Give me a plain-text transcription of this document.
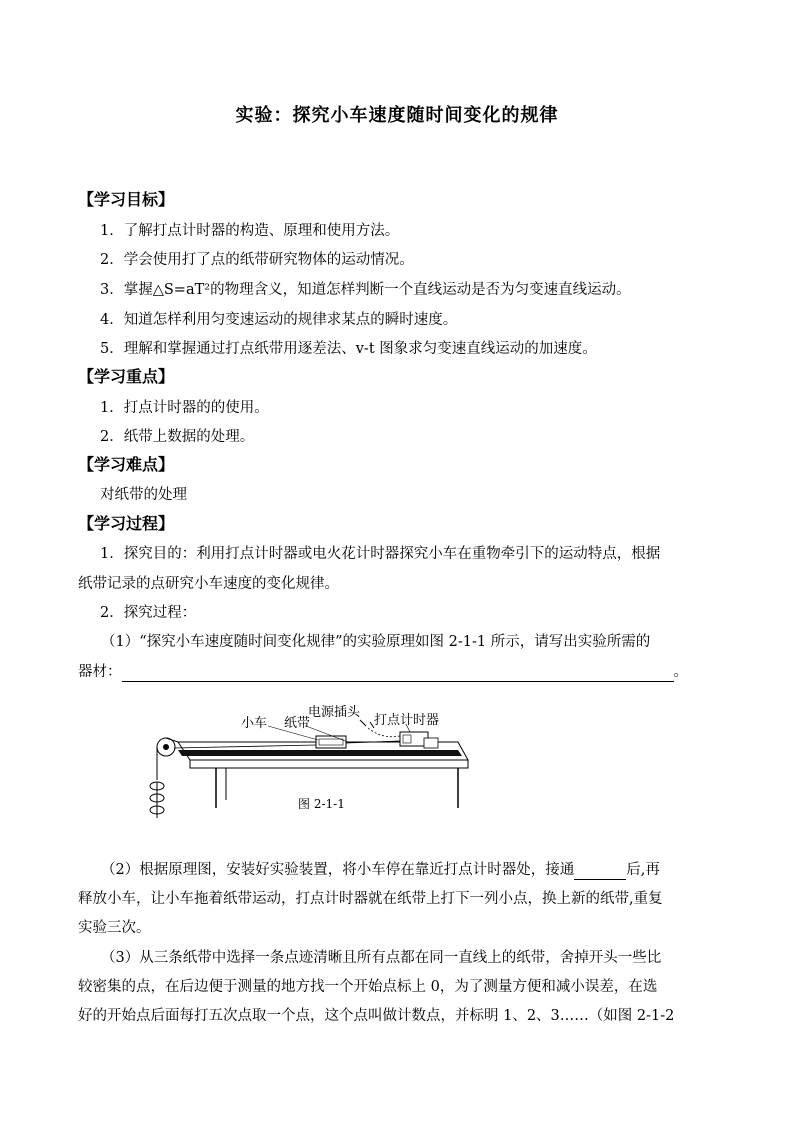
实验：探究小车速度随时间变化的规律
【学习目标】
1．了解打点计时器的构造、原理和使用方法。
2．学会使用打了点的纸带研究物体的运动情况。
3．掌握△S=aT²的物理含义，知道怎样判断一个直线运动是否为匀变速直线运动。
4．知道怎样利用匀变速运动的规律求某点的瞬时速度。
5．理解和掌握通过打点纸带用逐差法、v-t 图象求匀变速直线运动的加速度。
【学习重点】
1．打点计时器的的使用。
2．纸带上数据的处理。
【学习难点】
对纸带的处理
【学习过程】
1．探究目的：利用打点计时器或电火花计时器探究小车在重物牵引下的运动特点，根据
纸带记录的点研究小车速度的变化规律。
2．探究过程：
（1）“探究小车速度随时间变化规律”的实验原理如图 2-1-1 所示，请写出实验所需的
器材：	。
小车 纸带
电源插头
打点计时器
图 2-1-1
（2）根据原理图，安装好实验装置，将小车停在靠近打点计时器处，接通	后,再
释放小车，让小车拖着纸带运动，打点计时器就在纸带上打下一列小点，换上新的纸带,重复
实验三次。
（3）从三条纸带中选择一条点迹清晰且所有点都在同一直线上的纸带，舍掉开头一些比
较密集的点，在后边便于测量的地方找一个开始点标上 0，为了测量方便和减小误差，在选
好的开始点后面每打五次点取一个点，这个点叫做计数点，并标明 1、2、3……（如图 2-1-2
